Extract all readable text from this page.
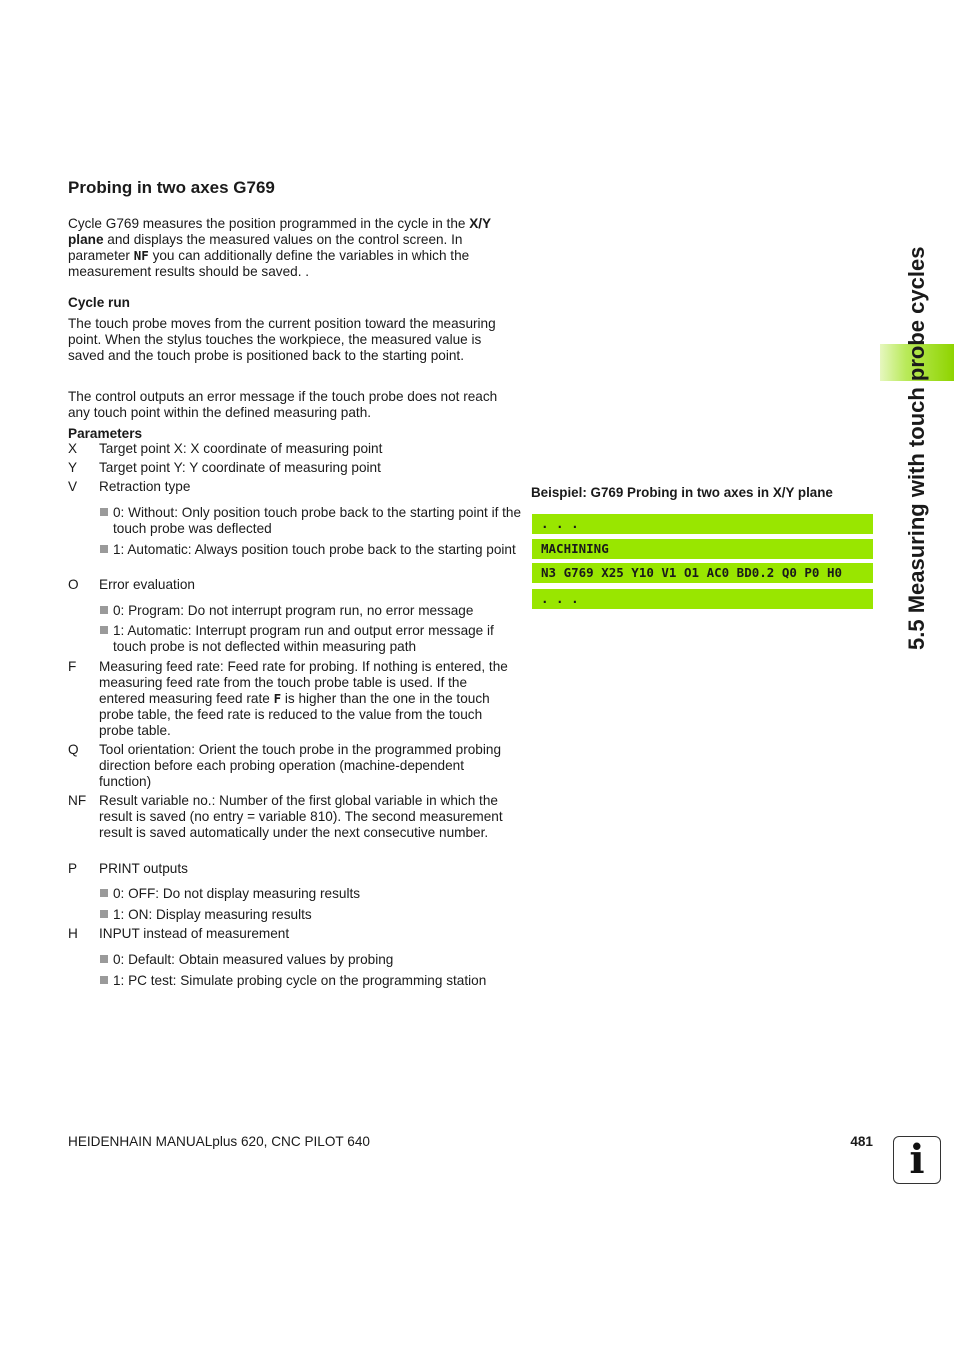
Probing in two axes G769

Cycle G769 measures the position programmed in the cycle in the X/Y plane and displays the measured values on the control screen. In parameter NF you can additionally define the variables in which the measurement results should be saved. .

Cycle run

The touch probe moves from the current position toward the measuring point. When the stylus touches the workpiece, the measured value is saved and the touch probe is positioned back to the starting point.

The control outputs an error message if the touch probe does not reach any touch point within the defined measuring path.

Parameters
X Target point X: X coordinate of measuring point
Y Target point Y: Y coordinate of measuring point
V Retraction type
0: Without: Only position touch probe back to the starting point if the touch probe was deflected
1: Automatic: Always position touch probe back to the starting point
O Error evaluation
0: Program: Do not interrupt program run, no error message
1: Automatic: Interrupt program run and output error message if touch probe is not deflected within measuring path
F Measuring feed rate: Feed rate for probing. If nothing is entered, the measuring feed rate from the touch probe table is used. If the entered measuring feed rate F is higher than the one in the touch probe table, the feed rate is reduced to the value from the touch probe table.
Q Tool orientation: Orient the touch probe in the programmed probing direction before each probing operation (machine-dependent function)
NF Result variable no.: Number of the first global variable in which the result is saved (no entry = variable 810). The second measurement result is saved automatically under the next consecutive number.
P PRINT outputs
0: OFF: Do not display measuring results
1: ON: Display measuring results
H INPUT instead of measurement
0: Default: Obtain measured values by probing
1: PC test: Simulate probing cycle on the programming station
Beispiel: G769 Probing in two axes in X/Y plane
. . .
MACHINING
N3 G769 X25 Y10 V1 O1 AC0 BD0.2 Q0 P0 H0
. . .	5.5 Measuring with touch probe cycles
HEIDENHAIN MANUALplus 620, CNC PILOT 640	481 i
